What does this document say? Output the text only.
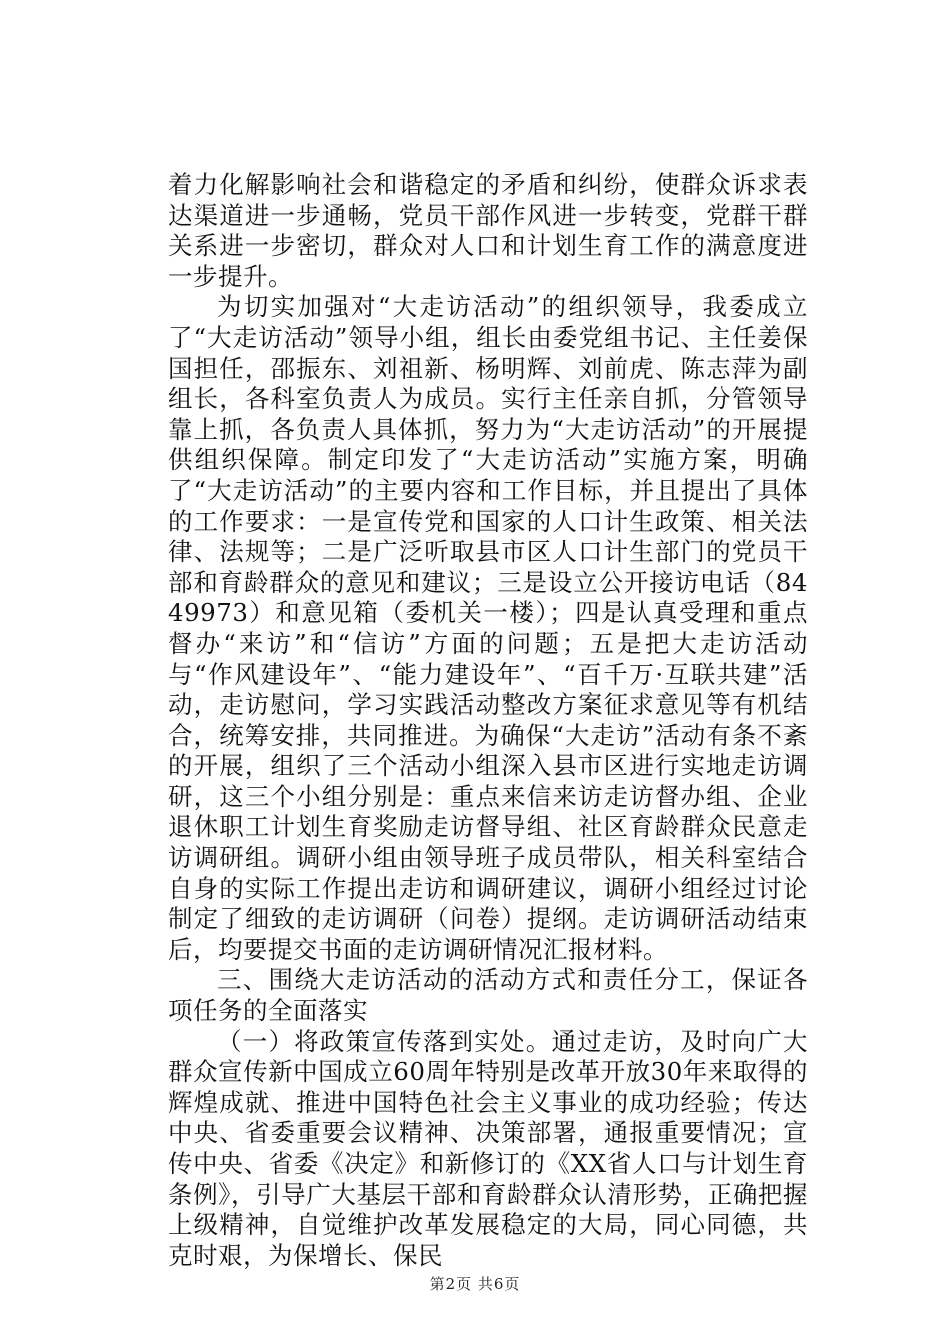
着力化解影响社会和谐稳定的矛盾和纠纷，使群众诉求表达渠道进一步通畅，党员干部作风进一步转变，党群干群关系进一步密切，群众对人口和计划生育工作的满意度进一步提升。

为切实加强对“大走访活动”的组织领导，我委成立了“大走访活动”领导小组，组长由委党组书记、主任姜保国担任，邵振东、刘祖新、杨明辉、刘前虎、陈志萍为副组长，各科室负责人为成员。实行主任亲自抓，分管领导靠上抓，各负责人具体抓，努力为“大走访活动”的开展提供组织保障。制定印发了“大走访活动”实施方案，明确了“大走访活动”的主要内容和工作目标，并且提出了具体的工作要求：一是宣传党和国家的人口计生政策、相关法律、法规等；二是广泛听取县市区人口计生部门的党员干部和育龄群众的意见和建议；三是设立公开接访电话（8449973）和意见箱（委机关一楼）；四是认真受理和重点督办“来访”和“信访”方面的问题；五是把大走访活动与“作风建设年”、“能力建设年”、“百千万·互联共建”活动，走访慰问，学习实践活动整改方案征求意见等有机结合，统筹安排，共同推进。为确保“大走访”活动有条不紊的开展，组织了三个活动小组深入县市区进行实地走访调研，这三个小组分别是：重点来信来访走访督办组、企业退休职工计划生育奖励走访督导组、社区育龄群众民意走访调研组。调研小组由领导班子成员带队，相关科室结合自身的实际工作提出走访和调研建议，调研小组经过讨论制定了细致的走访调研（问卷）提纲。走访调研活动结束后，均要提交书面的走访调研情况汇报材料。

三、围绕大走访活动的活动方式和责任分工，保证各项任务的全面落实

（一）将政策宣传落到实处。通过走访，及时向广大群众宣传新中国成立60周年特别是改革开放30年来取得的辉煌成就、推进中国特色社会主义事业的成功经验；传达中央、省委重要会议精神、决策部署，通报重要情况；宣传中央、省委《决定》和新修订的《XX省人口与计划生育条例》，引导广大基层干部和育龄群众认清形势，正确把握上级精神，自觉维护改革发展稳定的大局，同心同德，共克时艰，为保增长、保民

第2页 共6页
